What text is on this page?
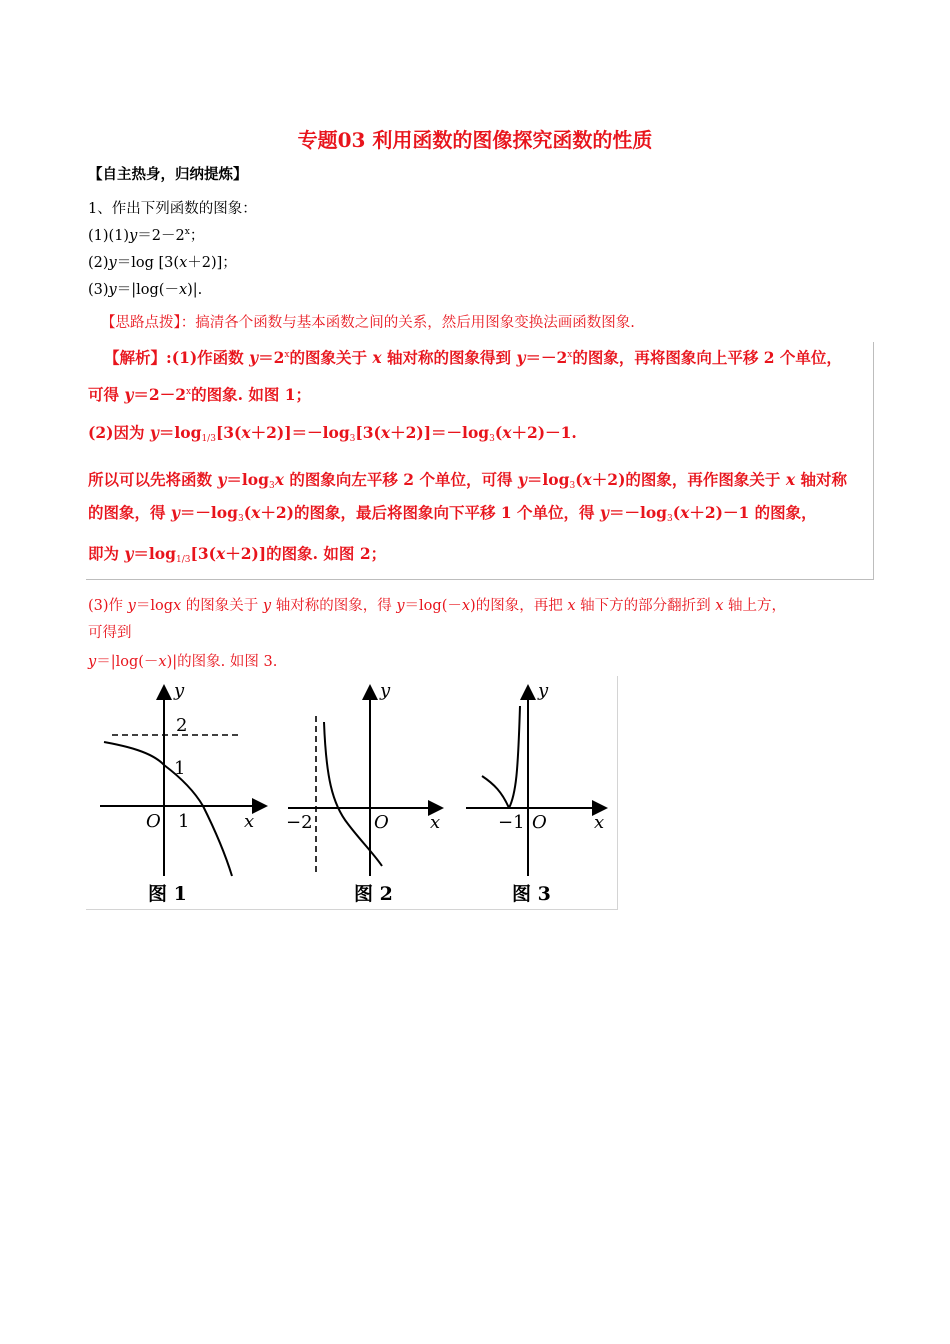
专题03 利用函数的图像探究函数的性质
【自主热身，归纳提炼】
1、作出下列函数的图象：
$(1)(1)y=2-2^x$；
(2)y＝log [3(x＋2)]；
(3)y＝|log(－x)|.
【思路点拨】：搞清各个函数与基本函数之间的关系，然后用图象变换法画函数图象.
【解析】:(1)作函数 $y=2^x$的图象关于 x 轴对称的图象得到 $y=-2^x$的图象，再将图象向上平移 2 个单位，
可得 $y=2-2^x$的图象. 如图 1；
(2)因为 $y=\log_{1/3}[3(x+2)]=-\log_3[3(x+2)]=-\log_3(x+2)-1$.
所以可以先将函数 $y=\log_3x$ 的图象向左平移 2 个单位，可得 $y=\log_3(x+2)$的图象，再作图象关于 x 轴对称
的图象，得 $y=-\log_3(x+2)$的图象，最后将图象向下平移 1 个单位，得 $y=-\log_3(x+2)-1$ 的图象，
即为 $y=\log_{1/3}[3(x+2)]$的图象. 如图 2；
(3)作 y＝logx 的图象关于 y 轴对称的图象，得 y＝log(－x)的图象，再把 x 轴下方的部分翻折到 x 轴上方，
可得到
y＝|log(－x)|的图象. 如图 3.
y
x
O
2
1
1
图 1
y
x
O
−2
图 2
y
x
O
−1
图 3
